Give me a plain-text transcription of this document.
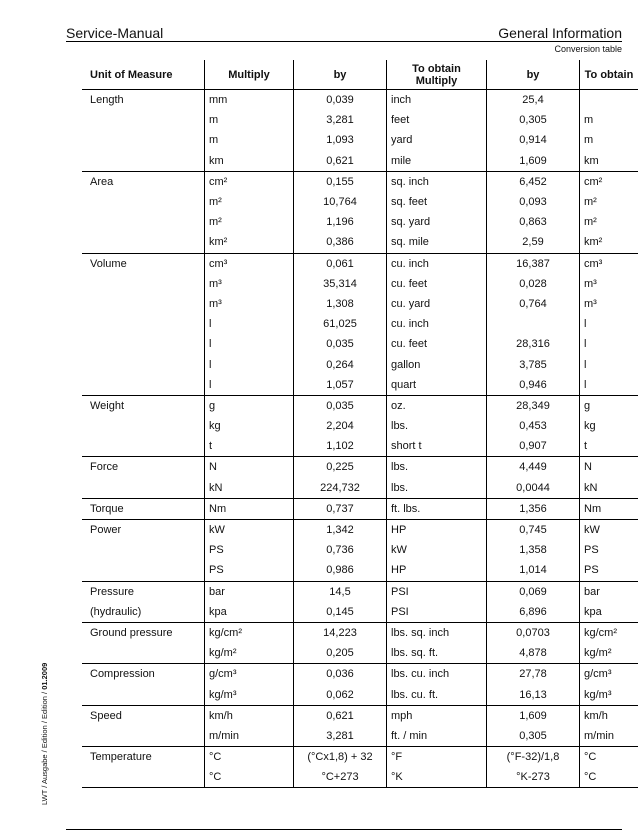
Service-Manual	General Information
Conversion table
LWT / Ausgabe / Edition / Edition / 01.2009
Unit of Measure	Multiply	by	To obtain Multiply	by	To obtain
Length	mm	0,039	inch	25,4	
	m	3,281	feet	0,305	m
	m	1,093	yard	0,914	m
	km	0,621	mile	1,609	km
Area	cm²	0,155	sq. inch	6,452	cm²
	m²	10,764	sq. feet	0,093	m²
	m²	1,196	sq. yard	0,863	m²
	km²	0,386	sq. mile	2,59	km²
Volume	cm³	0,061	cu. inch	16,387	cm³
	m³	35,314	cu. feet	0,028	m³
	m³	1,308	cu. yard	0,764	m³
	l	61,025	cu. inch		l
	l	0,035	cu. feet	28,316	l
	l	0,264	gallon	3,785	l
	l	1,057	quart	0,946	l
Weight	g	0,035	oz.	28,349	g
	kg	2,204	lbs.	0,453	kg
	t	1,102	short t	0,907	t
Force	N	0,225	lbs.	4,449	N
	kN	224,732	lbs.	0,0044	kN
Torque	Nm	0,737	ft. lbs.	1,356	Nm
Power	kW	1,342	HP	0,745	kW
	PS	0,736	kW	1,358	PS
	PS	0,986	HP	1,014	PS
Pressure	bar	14,5	PSI	0,069	bar
(hydraulic)	kpa	0,145	PSI	6,896	kpa
Ground pressure	kg/cm²	14,223	lbs. sq. inch	0,0703	kg/cm²
	kg/m²	0,205	lbs. sq. ft.	4,878	kg/m²
Compression	g/cm³	0,036	lbs. cu. inch	27,78	g/cm³
	kg/m³	0,062	lbs. cu. ft.	16,13	kg/m³
Speed	km/h	0,621	mph	1,609	km/h
	m/min	3,281	ft. / min	0,305	m/min
Temperature	°C	(°Cx1,8) + 32	°F	(°F-32)/1,8	°C
	°C	°C+273	°K	°K-273	°C
